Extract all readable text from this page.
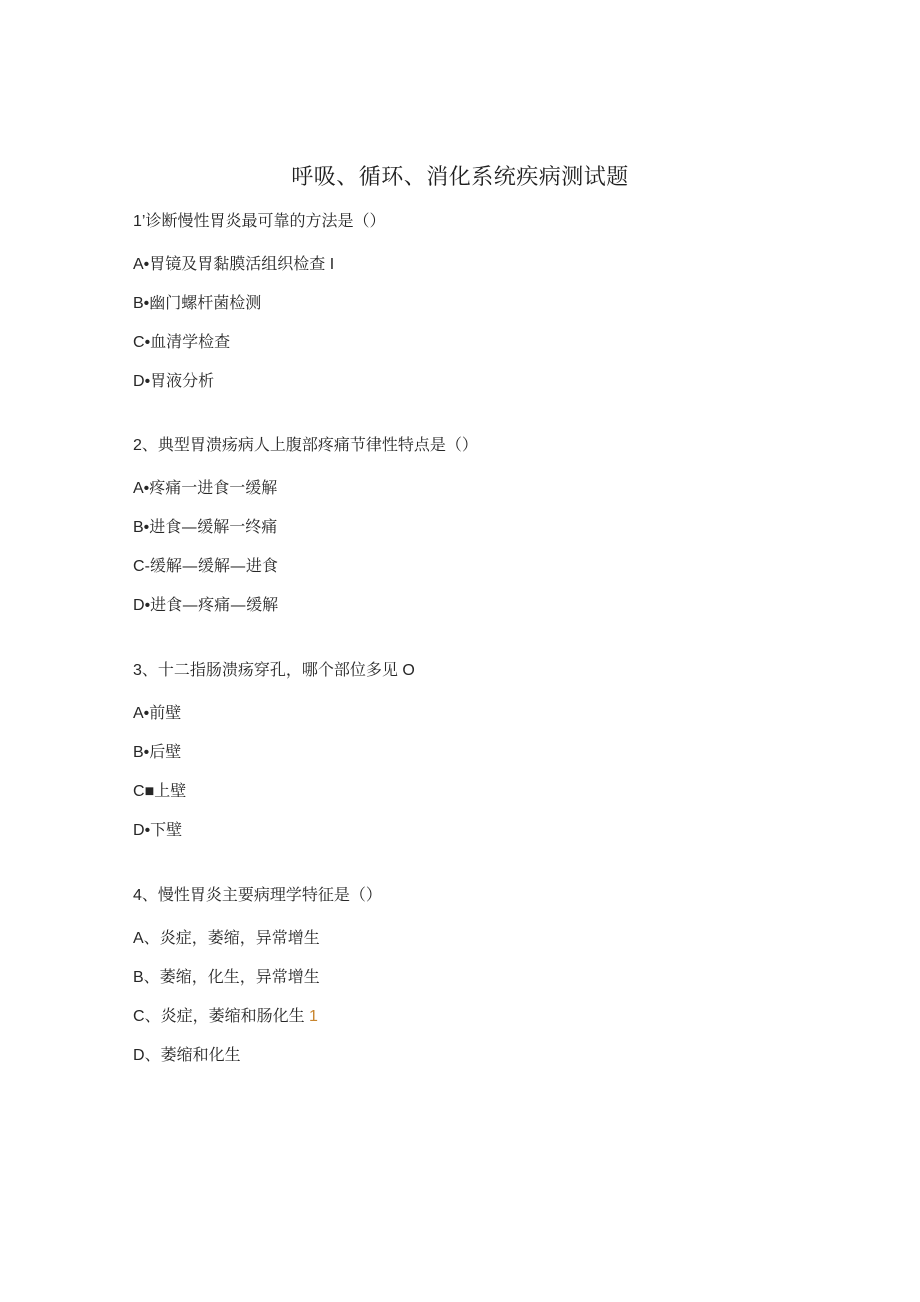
呼吸、循环、消化系统疾病测试题
1’诊断慢性胃炎最可靠的方法是（）
A•胃镜及胃黏膜活组织检查 I
B•幽门螺杆菌检测
C•血清学检查
D•胃液分析
2、典型胃溃疡病人上腹部疼痛节律性特点是（）
A•疼痛一进食一缓解
B•进食—缓解一终痛
C-缓解—缓解—进食
D•进食—疼痛—缓解
3、十二指肠溃疡穿孔，哪个部位多见 O
A•前壁
B•后壁
C■上壁
D•下壁
4、慢性胃炎主要病理学特征是（）
A、炎症，萎缩，异常增生
B、萎缩，化生，异常增生
C、炎症，萎缩和肠化生 1
D、萎缩和化生
